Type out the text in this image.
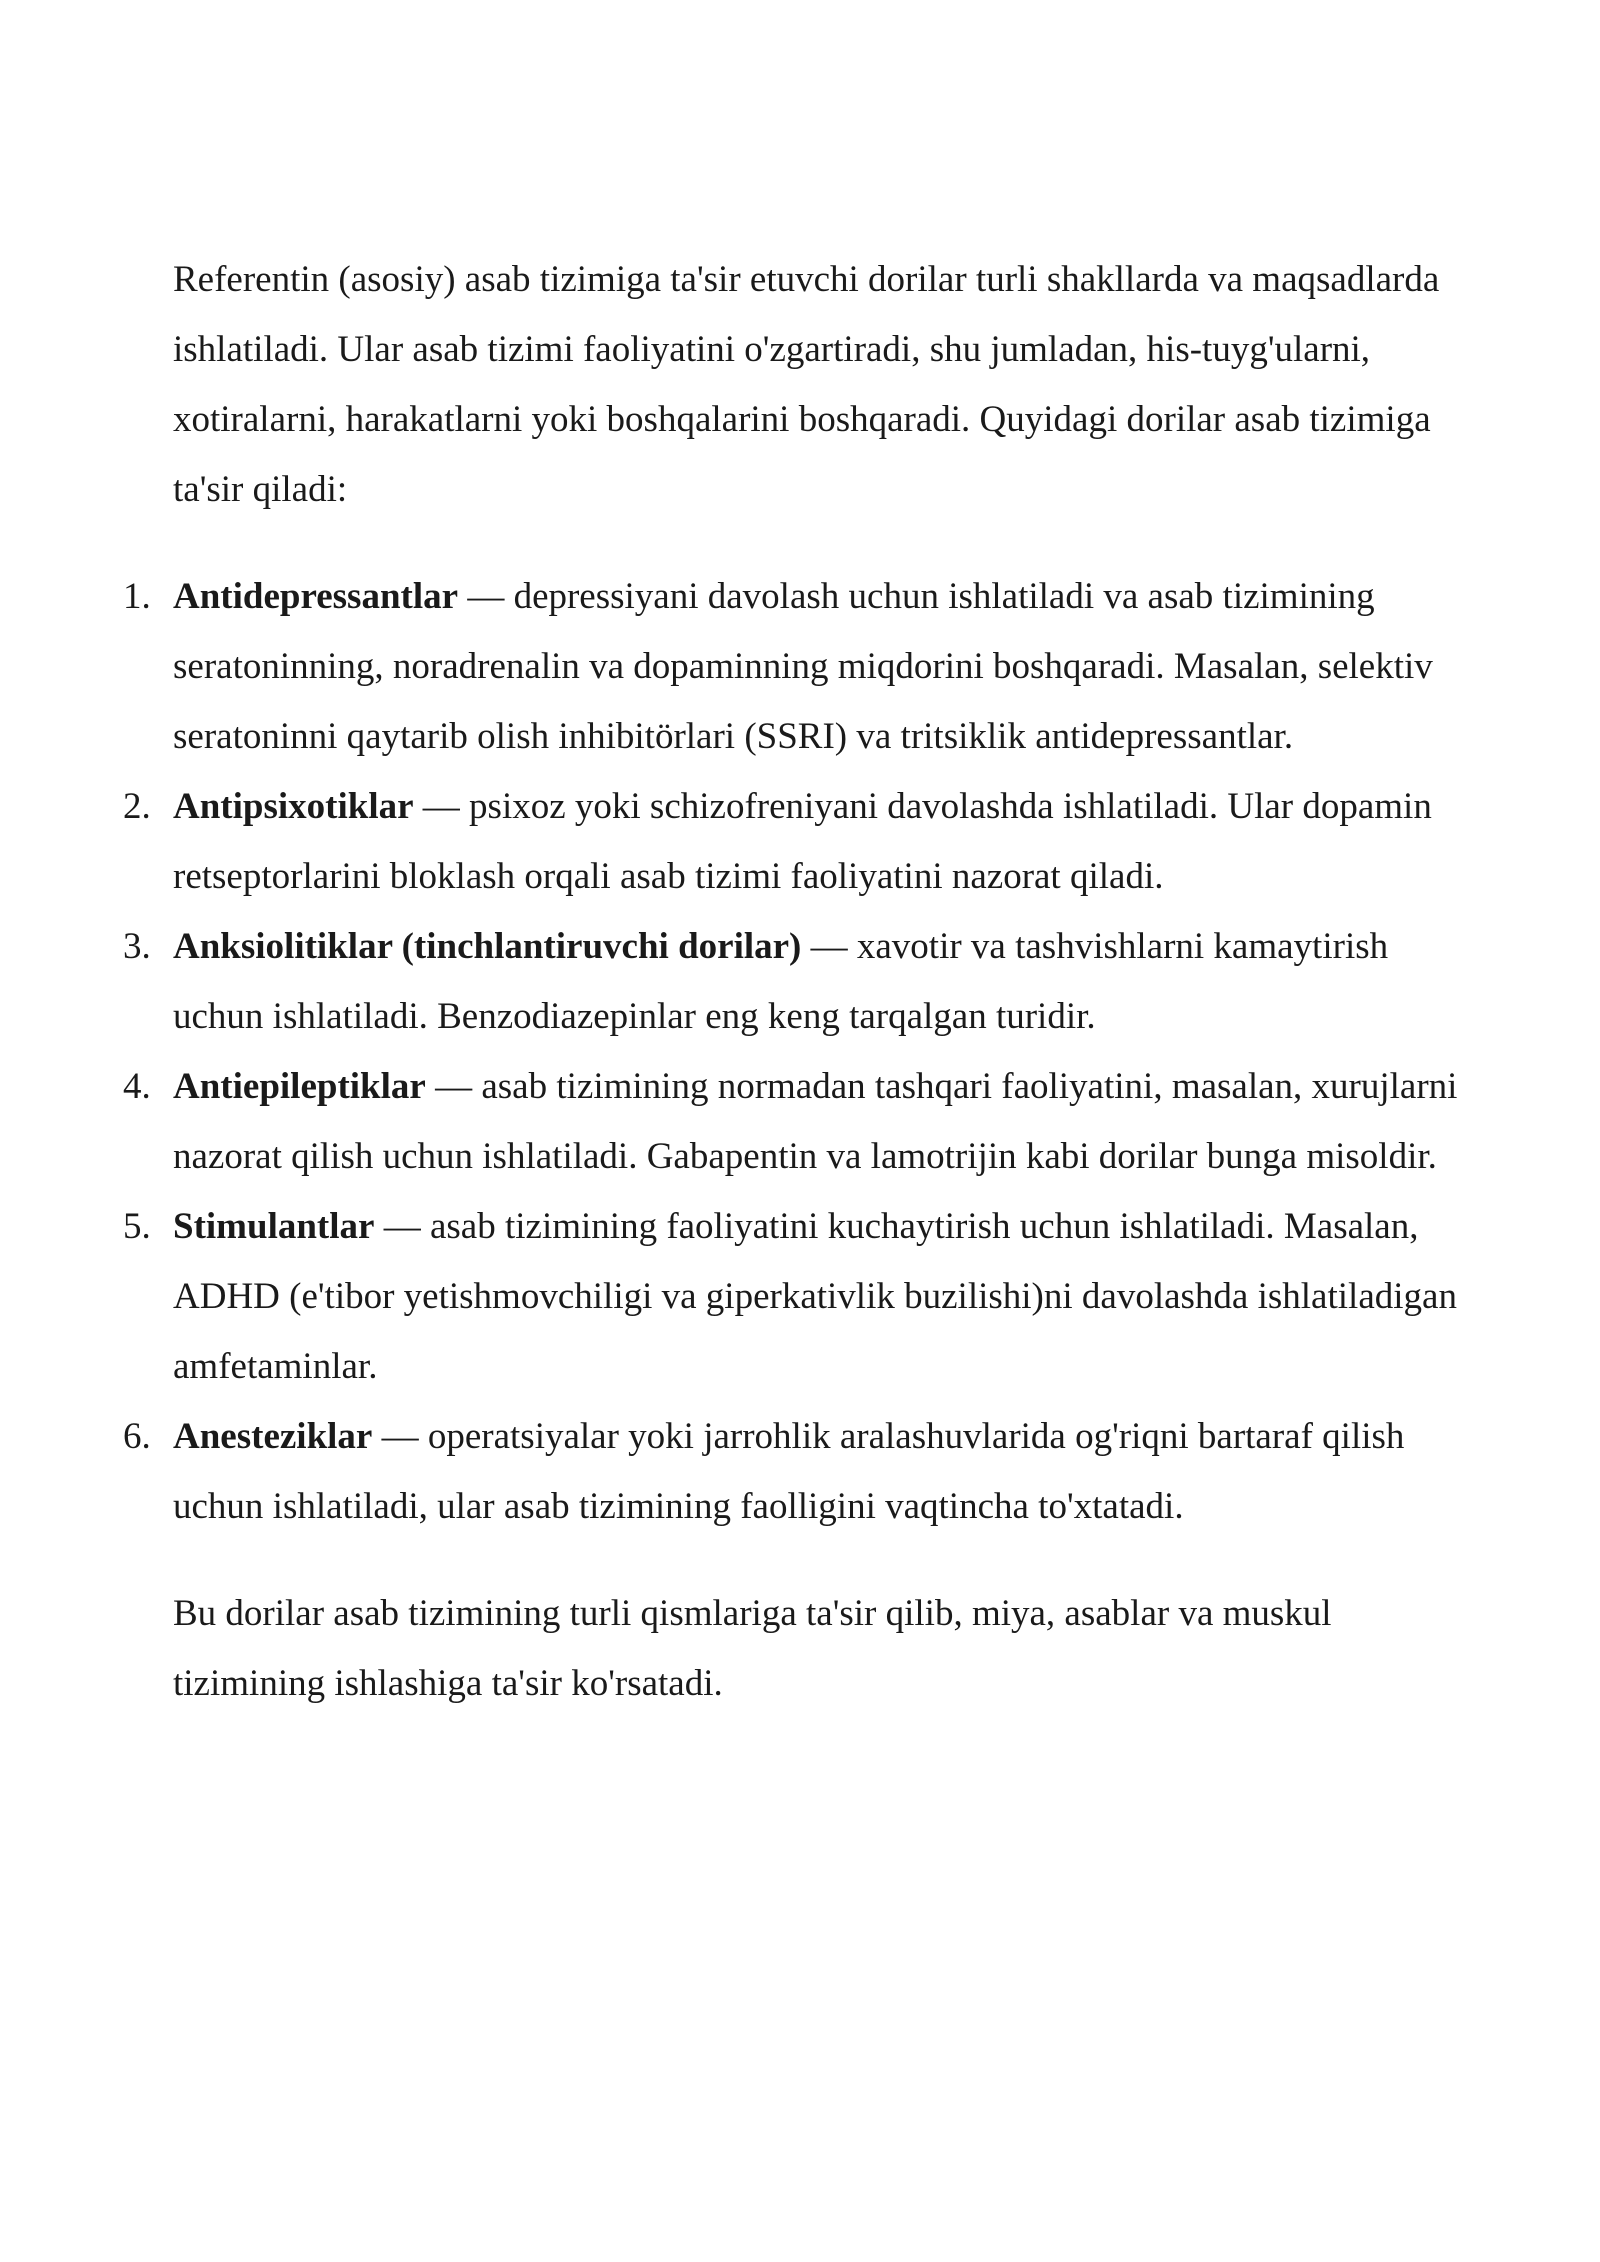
Referentin (asosiy) asab tizimiga ta'sir etuvchi dorilar turli shakllarda va maqsadlarda ishlatiladi. Ular asab tizimi faoliyatini o'zgartiradi, shu jumladan, his-tuyg'ularni, xotiralarni, harakatlarni yoki boshqalarini boshqaradi. Quyidagi dorilar asab tizimiga ta'sir qiladi:

1. Antidepressantlar — depressiyani davolash uchun ishlatiladi va asab tizimining seratoninning, noradrenalin va dopaminning miqdorini boshqaradi. Masalan, selektiv seratoninni qaytarib olish inhibitörlari (SSRI) va tritsiklik antidepressantlar.
2. Antipsixotiklar — psixoz yoki schizofreniyani davolashda ishlatiladi. Ular dopamin retseptorlarini bloklash orqali asab tizimi faoliyatini nazorat qiladi.
3. Anksiolitiklar (tinchlantiruvchi dorilar) — xavotir va tashvishlarni kamaytirish uchun ishlatiladi. Benzodiazepinlar eng keng tarqalgan turidir.
4. Antiepileptiklar — asab tizimining normadan tashqari faoliyatini, masalan, xurujlarni nazorat qilish uchun ishlatiladi. Gabapentin va lamotrijin kabi dorilar bunga misoldir.
5. Stimulantlar — asab tizimining faoliyatini kuchaytirish uchun ishlatiladi. Masalan, ADHD (e'tibor yetishmovchiligi va giperkativlik buzilishi)ni davolashda ishlatiladigan amfetaminlar.
6. Anesteziklar — operatsiyalar yoki jarrohlik aralashuvlarida og'riqni bartaraf qilish uchun ishlatiladi, ular asab tizimining faolligini vaqtincha to'xtatadi.

Bu dorilar asab tizimining turli qismlariga ta'sir qilib, miya, asablar va muskul tizimining ishlashiga ta'sir ko'rsatadi.
